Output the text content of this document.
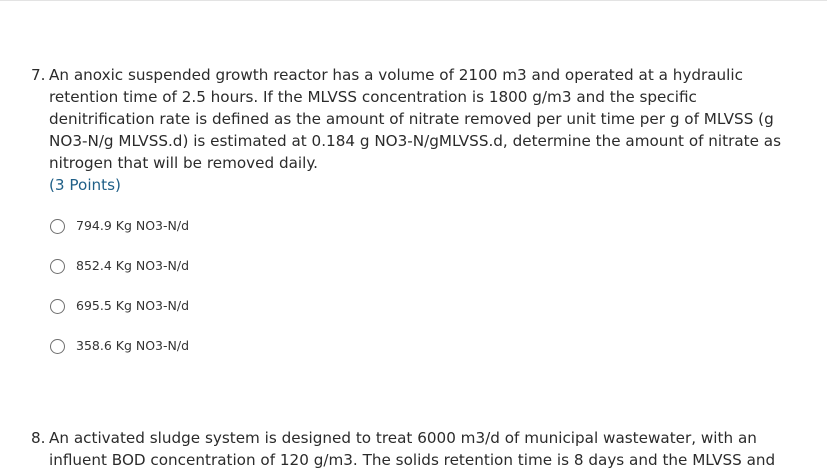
7. An anoxic suspended growth reactor has a volume of 2100 m3 and operated at a hydraulic
retention time of 2.5 hours. If the MLVSS concentration is 1800 g/m3 and the specific
denitrification rate is defined as the amount of nitrate removed per unit time per g of MLVSS (g
NO3-N/g MLVSS.d) is estimated at 0.184 g NO3-N/gMLVSS.d, determine the amount of nitrate as
nitrogen that will be removed daily.
(3 Points)
794.9 Kg NO3-N/d
852.4 Kg NO3-N/d
695.5 Kg NO3-N/d
358.6 Kg NO3-N/d
8. An activated sludge system is designed to treat 6000 m3/d of municipal wastewater, with an
influent BOD concentration of 120 g/m3. The solids retention time is 8 days and the MLVSS and
